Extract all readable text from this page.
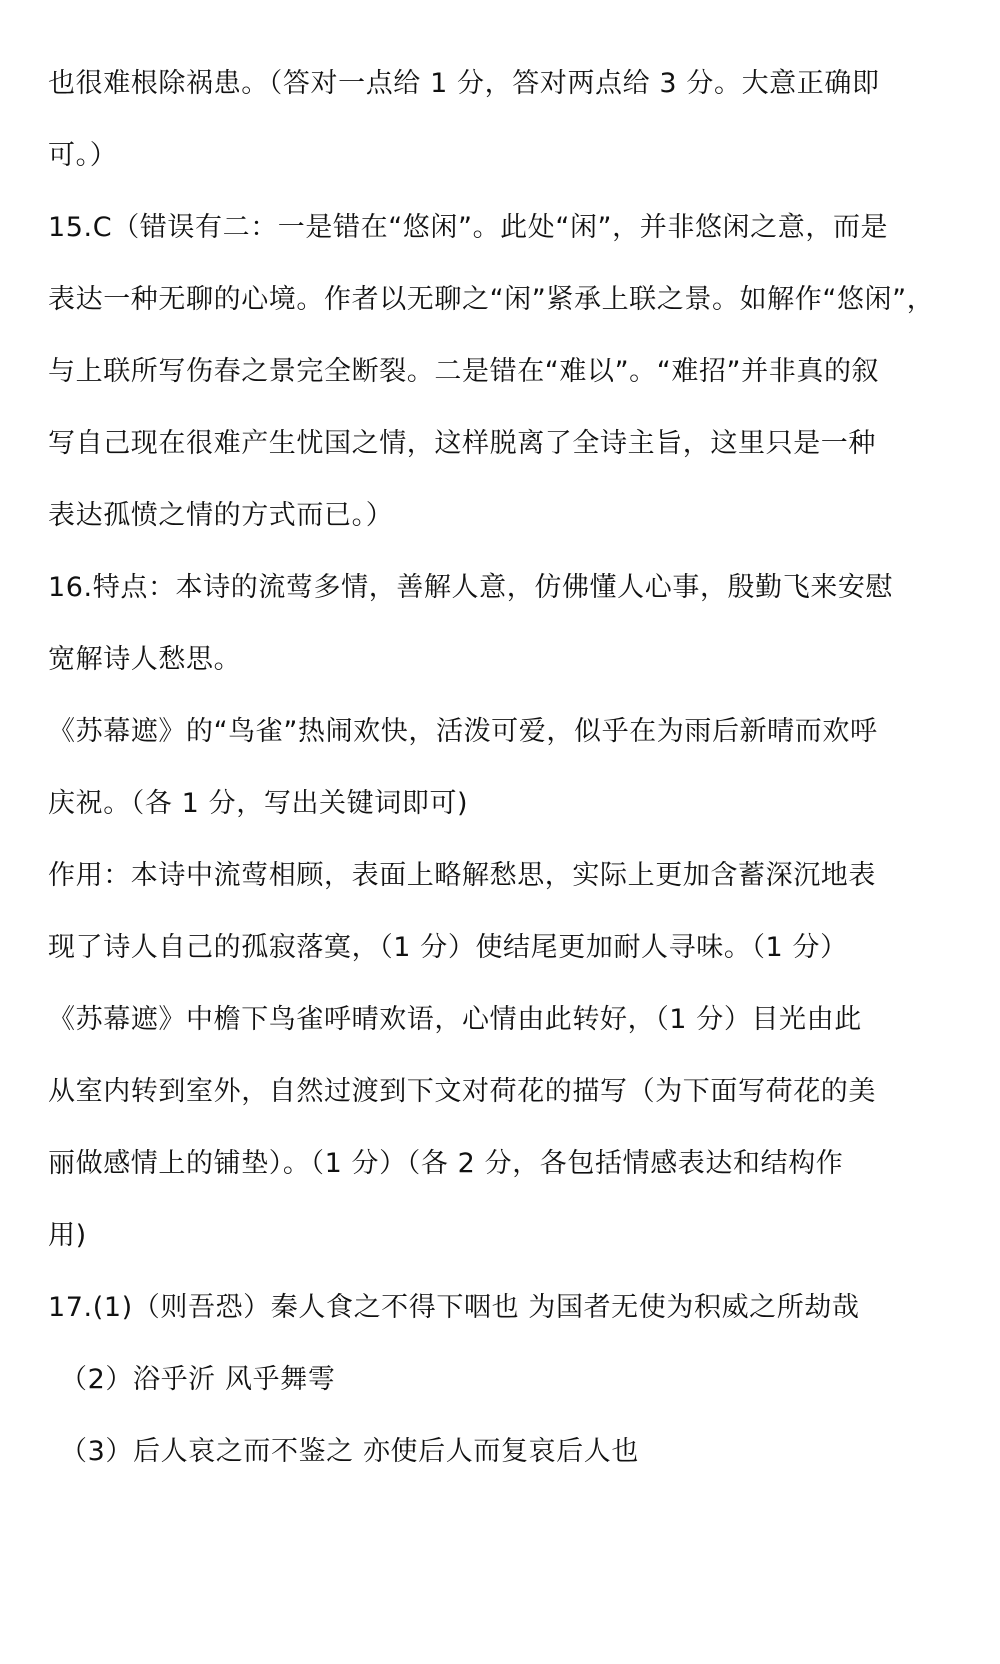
也很难根除祸患。（答对一点给 1 分，答对两点给 3 分。大意正确即
可。）
15.C（错误有二：一是错在“悠闲”。此处“闲”，并非悠闲之意，而是
表达一种无聊的心境。作者以无聊之“闲”紧承上联之景。如解作“悠闲”，
与上联所写伤春之景完全断裂。二是错在“难以”。“难招”并非真的叙
写自己现在很难产生忧国之情，这样脱离了全诗主旨，这里只是一种
表达孤愤之情的方式而已。）
16.特点：本诗的流莺多情，善解人意，仿佛懂人心事，殷勤飞来安慰
宽解诗人愁思。
《苏幕遮》的“鸟雀”热闹欢快，活泼可爱，似乎在为雨后新晴而欢呼
庆祝。（各 1 分，写出关键词即可)
作用：本诗中流莺相顾，表面上略解愁思，实际上更加含蓄深沉地表
现了诗人自己的孤寂落寞，（1 分）使结尾更加耐人寻味。（1 分）
《苏幕遮》中檐下鸟雀呼晴欢语，心情由此转好，（1 分）目光由此
从室内转到室外，自然过渡到下文对荷花的描写（为下面写荷花的美
丽做感情上的铺垫）。（1 分）（各 2 分，各包括情感表达和结构作
用)
17.(1)（则吾恐）秦人食之不得下咽也 为国者无使为积威之所劫哉
（2）浴乎沂 风乎舞雩
（3）后人哀之而不鉴之 亦使后人而复哀后人也
